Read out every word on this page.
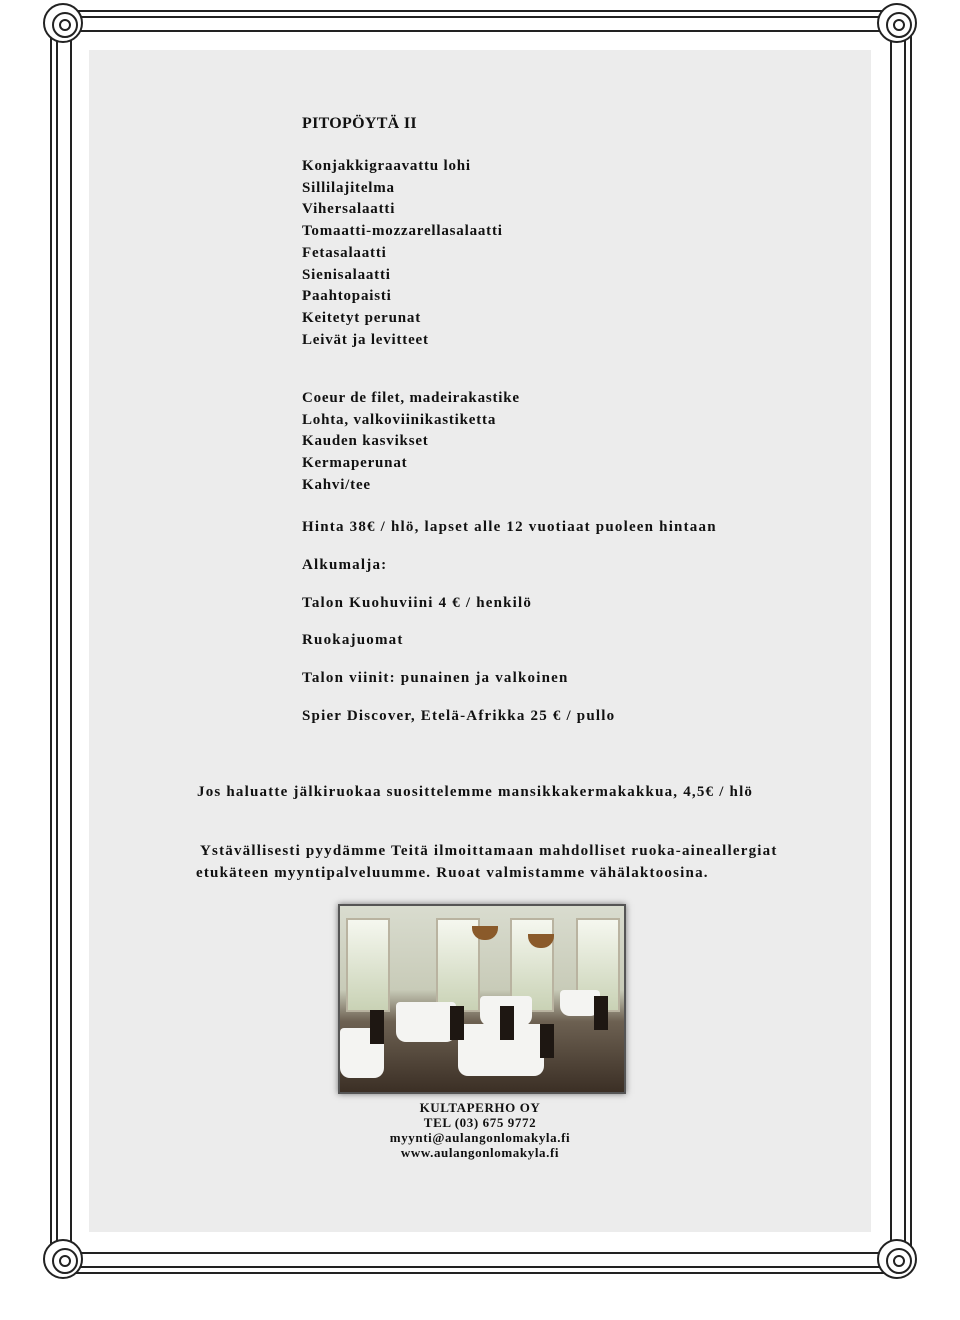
PITOPÖYTÄ II
Konjakkigraavattu lohi
Sillilajitelma
Vihersalaatti
Tomaatti-mozzarellasalaatti
Fetasalaatti
Sienisalaatti
Paahtopaisti
Keitetyt perunat
Leivät ja levitteet
Coeur de filet, madeirakastike
Lohta, valkoviinikastiketta
Kauden kasvikset
Kermaperunat
Kahvi/tee
Hinta 38€ / hlö, lapset alle 12 vuotiaat puoleen hintaan
Alkumalja:
Talon Kuohuviini 4 € / henkilö
Ruokajuomat
Talon viinit: punainen ja valkoinen
Spier Discover, Etelä-Afrikka 25 € / pullo
Jos haluatte jälkiruokaa suosittelemme mansikkakermakakkua, 4,5€ / hlö
Ystävällisesti pyydämme Teitä ilmoittamaan mahdolliset ruoka-aineallergiat
etukäteen myyntipalveluumme. Ruoat valmistamme vähälaktoosina.
KULTAPERHO OY
TEL (03) 675 9772
myynti@aulangonlomakyla.fi
www.aulangonlomakyla.fi
